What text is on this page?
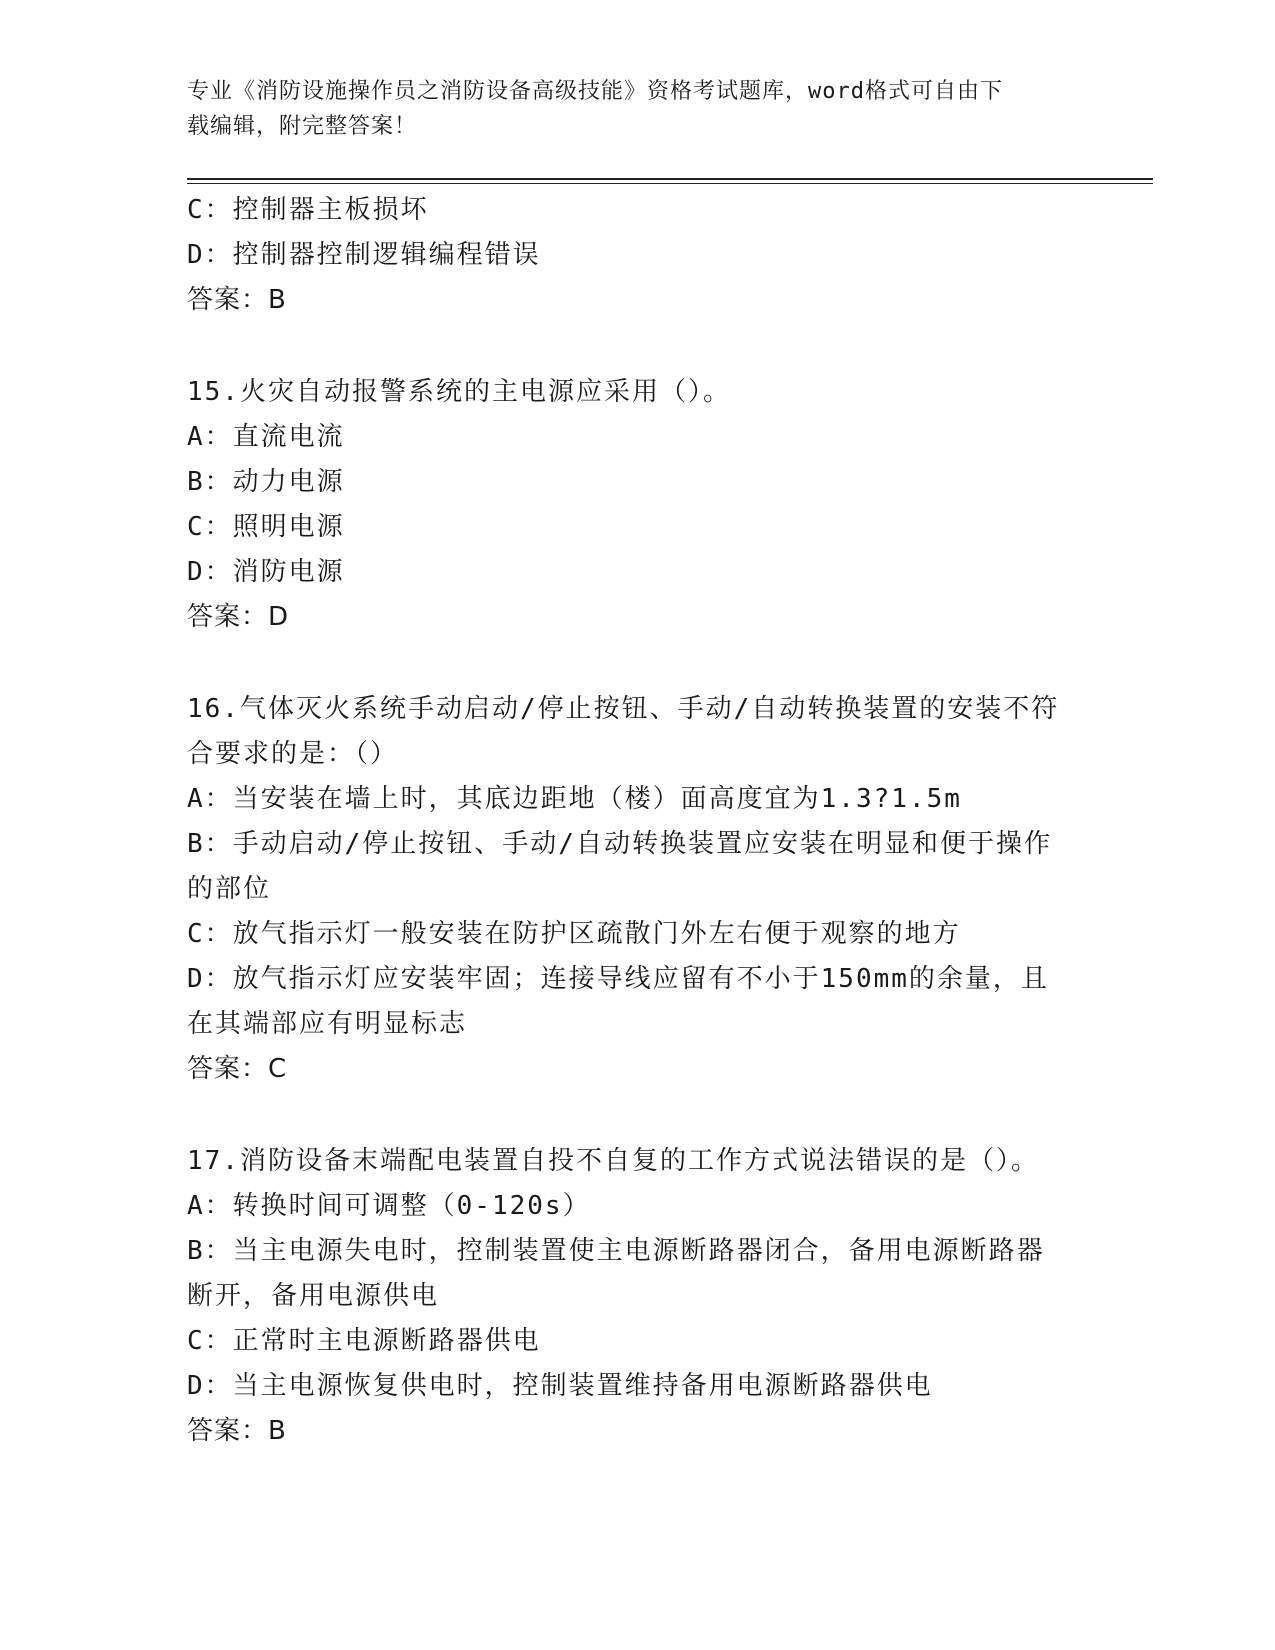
专业《消防设施操作员之消防设备高级技能》资格考试题库，word格式可自由下
载编辑，附完整答案！
C：控制器主板损坏
D：控制器控制逻辑编程错误
答案：B
15.火灾自动报警系统的主电源应采用（）。
A：直流电流
B：动力电源
C：照明电源
D：消防电源
答案：D
16.气体灭火系统手动启动/停止按钮、手动/自动转换装置的安装不符
合要求的是：（）
A：当安装在墙上时，其底边距地（楼）面高度宜为1.3?1.5m
B：手动启动/停止按钮、手动/自动转换装置应安装在明显和便于操作
的部位
C：放气指示灯一般安装在防护区疏散门外左右便于观察的地方
D：放气指示灯应安装牢固；连接导线应留有不小于150mm的余量，且
在其端部应有明显标志
答案：C
17.消防设备末端配电装置自投不自复的工作方式说法错误的是（）。
A：转换时间可调整（0-120s）
B：当主电源失电时，控制装置使主电源断路器闭合，备用电源断路器
断开，备用电源供电
C：正常时主电源断路器供电
D：当主电源恢复供电时，控制装置维持备用电源断路器供电
答案：B
